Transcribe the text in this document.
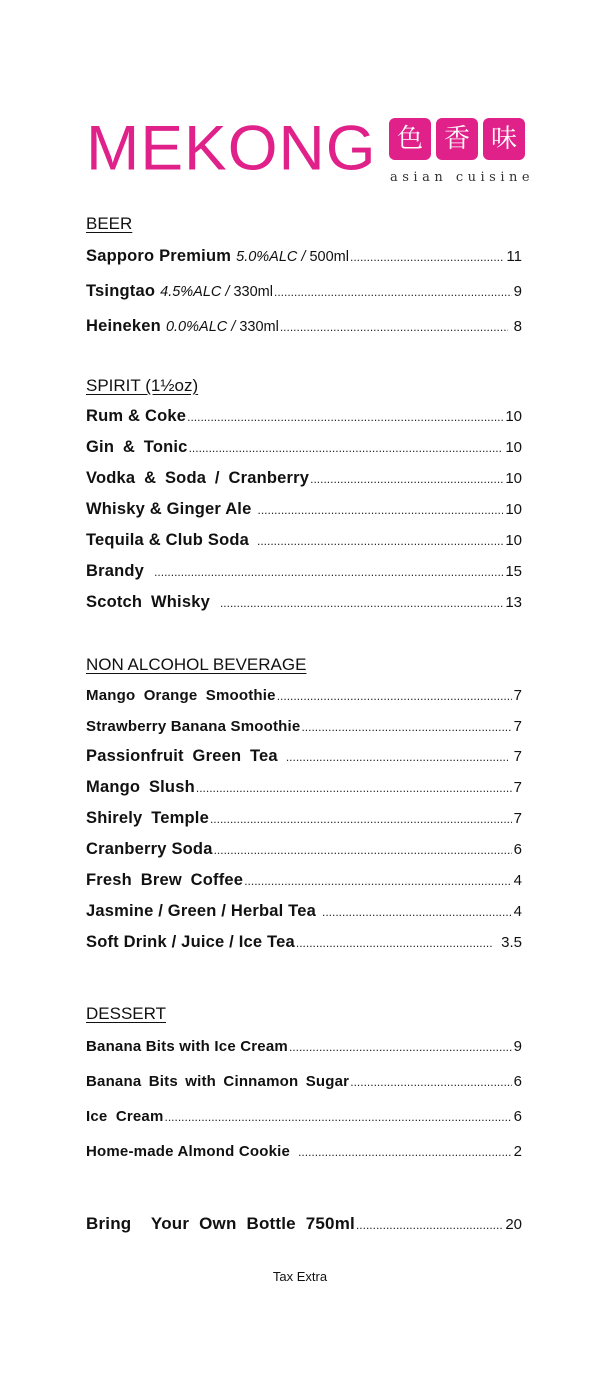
MEKONG 色 香 味
asian cuisine
BEER
Sapporo Premium 5.0%ALC / 500ml .....	11
Tsingtao 4.5%ALC / 330ml .....	9
Heineken 0.0%ALC / 330ml .....	8
SPIRIT (1½oz)
Rum & Coke .....	10
Gin & Tonic .....	10
Vodka & Soda / Cranberry .....	10
Whisky & Ginger Ale .....	10
Tequila & Club Soda .....	10
Brandy .....	15
Scotch Whisky .....	13
NON ALCOHOL BEVERAGE
Mango Orange Smoothie .....	7
Strawberry Banana Smoothie .....	7
Passionfruit Green Tea .....	7
Mango Slush .....	7
Shirely Temple .....	7
Cranberry Soda .....	6
Fresh Brew Coffee .....	4
Jasmine / Green / Herbal Tea .....	4
Soft Drink / Juice / Ice Tea .....	3.5
DESSERT
Banana Bits with Ice Cream .....	9
Banana Bits with Cinnamon Sugar .....	6
Ice Cream .....	6
Home-made Almond Cookie .....	2
Bring  Your Own Bottle 750ml .....	20
Tax Extra
